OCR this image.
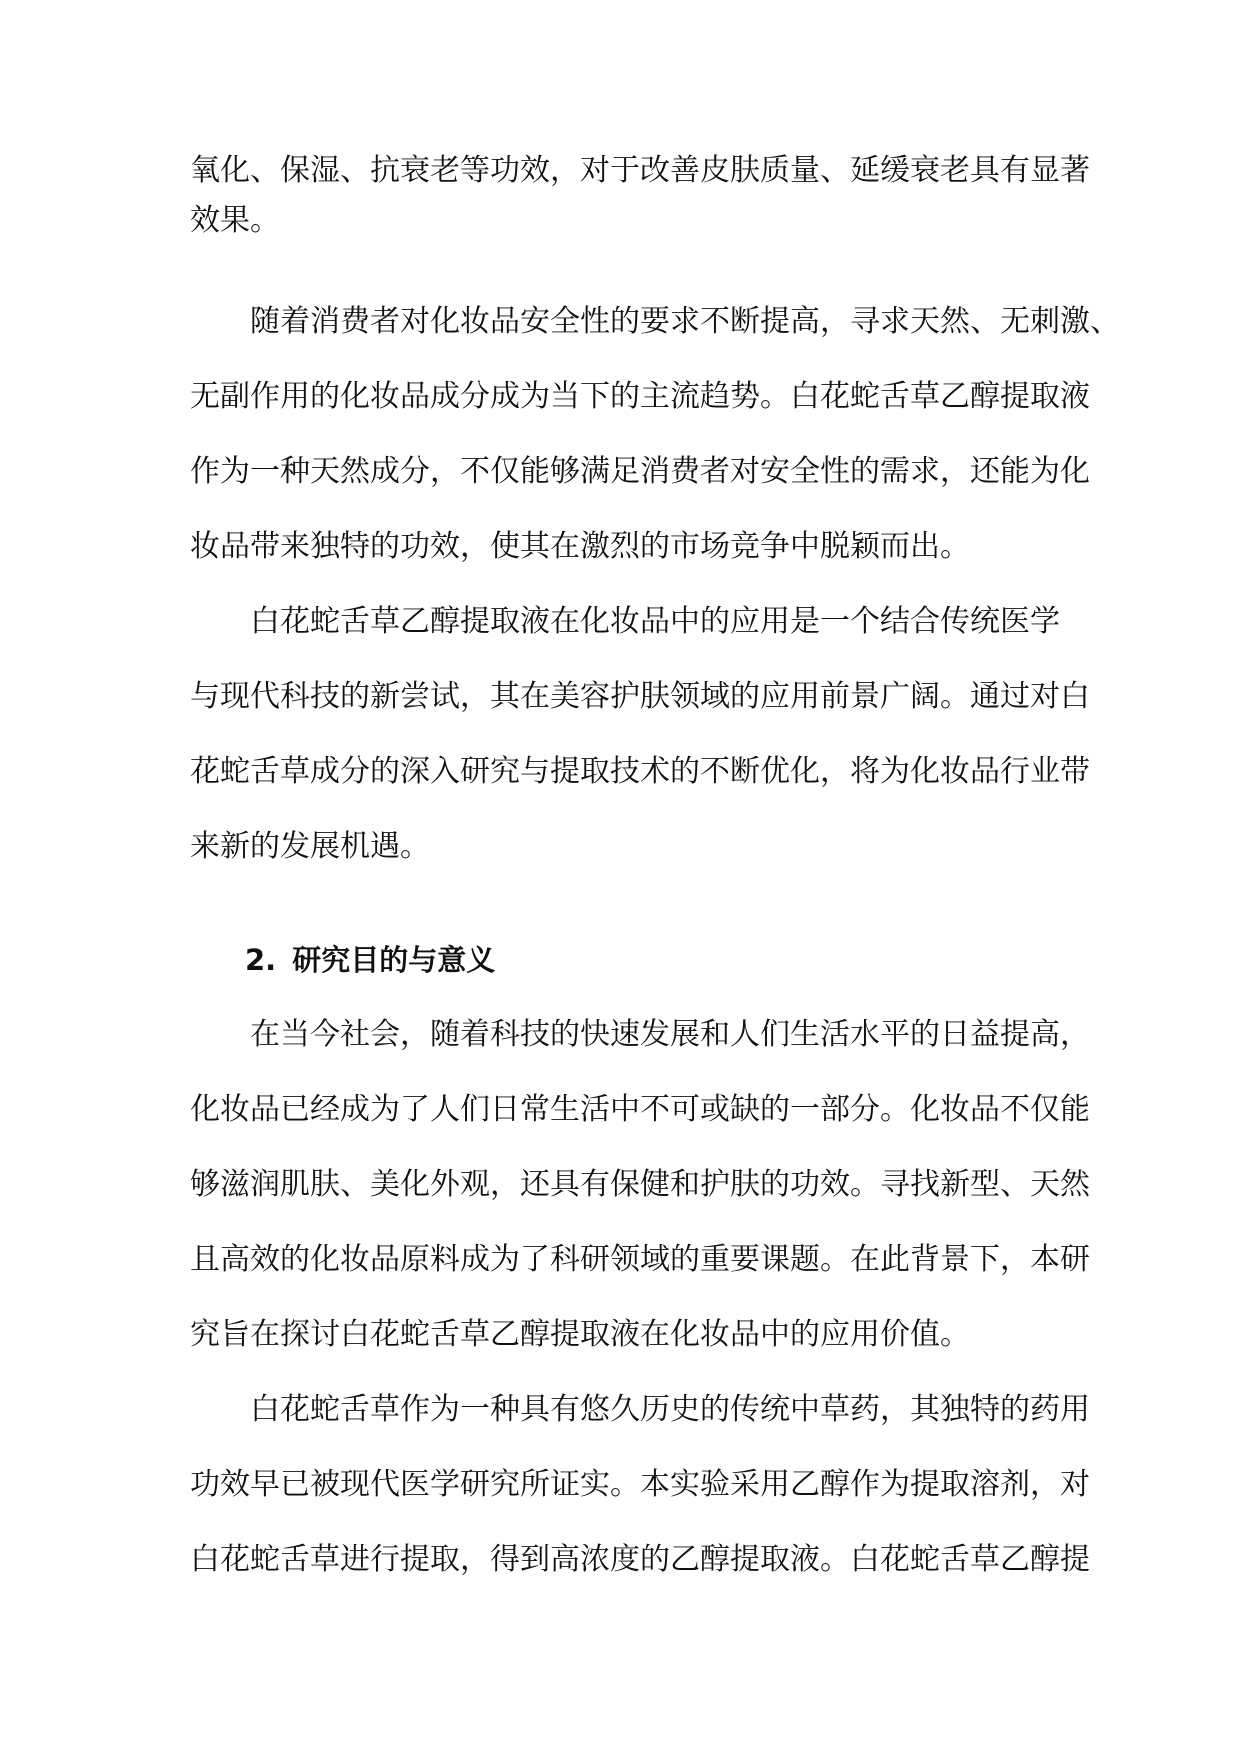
氧化、保湿、抗衰老等功效，对于改善皮肤质量、延缓衰老具有显著
效果。
随着消费者对化妆品安全性的要求不断提高，寻求天然、无刺激、
无副作用的化妆品成分成为当下的主流趋势。白花蛇舌草乙醇提取液
作为一种天然成分，不仅能够满足消费者对安全性的需求，还能为化
妆品带来独特的功效，使其在激烈的市场竞争中脱颖而出。
白花蛇舌草乙醇提取液在化妆品中的应用是一个结合传统医学
与现代科技的新尝试，其在美容护肤领域的应用前景广阔。通过对白
花蛇舌草成分的深入研究与提取技术的不断优化，将为化妆品行业带
来新的发展机遇。
2. 研究目的与意义
在当今社会，随着科技的快速发展和人们生活水平的日益提高，
化妆品已经成为了人们日常生活中不可或缺的一部分。化妆品不仅能
够滋润肌肤、美化外观，还具有保健和护肤的功效。寻找新型、天然
且高效的化妆品原料成为了科研领域的重要课题。在此背景下，本研
究旨在探讨白花蛇舌草乙醇提取液在化妆品中的应用价值。
白花蛇舌草作为一种具有悠久历史的传统中草药，其独特的药用
功效早已被现代医学研究所证实。本实验采用乙醇作为提取溶剂，对
白花蛇舌草进行提取，得到高浓度的乙醇提取液。白花蛇舌草乙醇提
